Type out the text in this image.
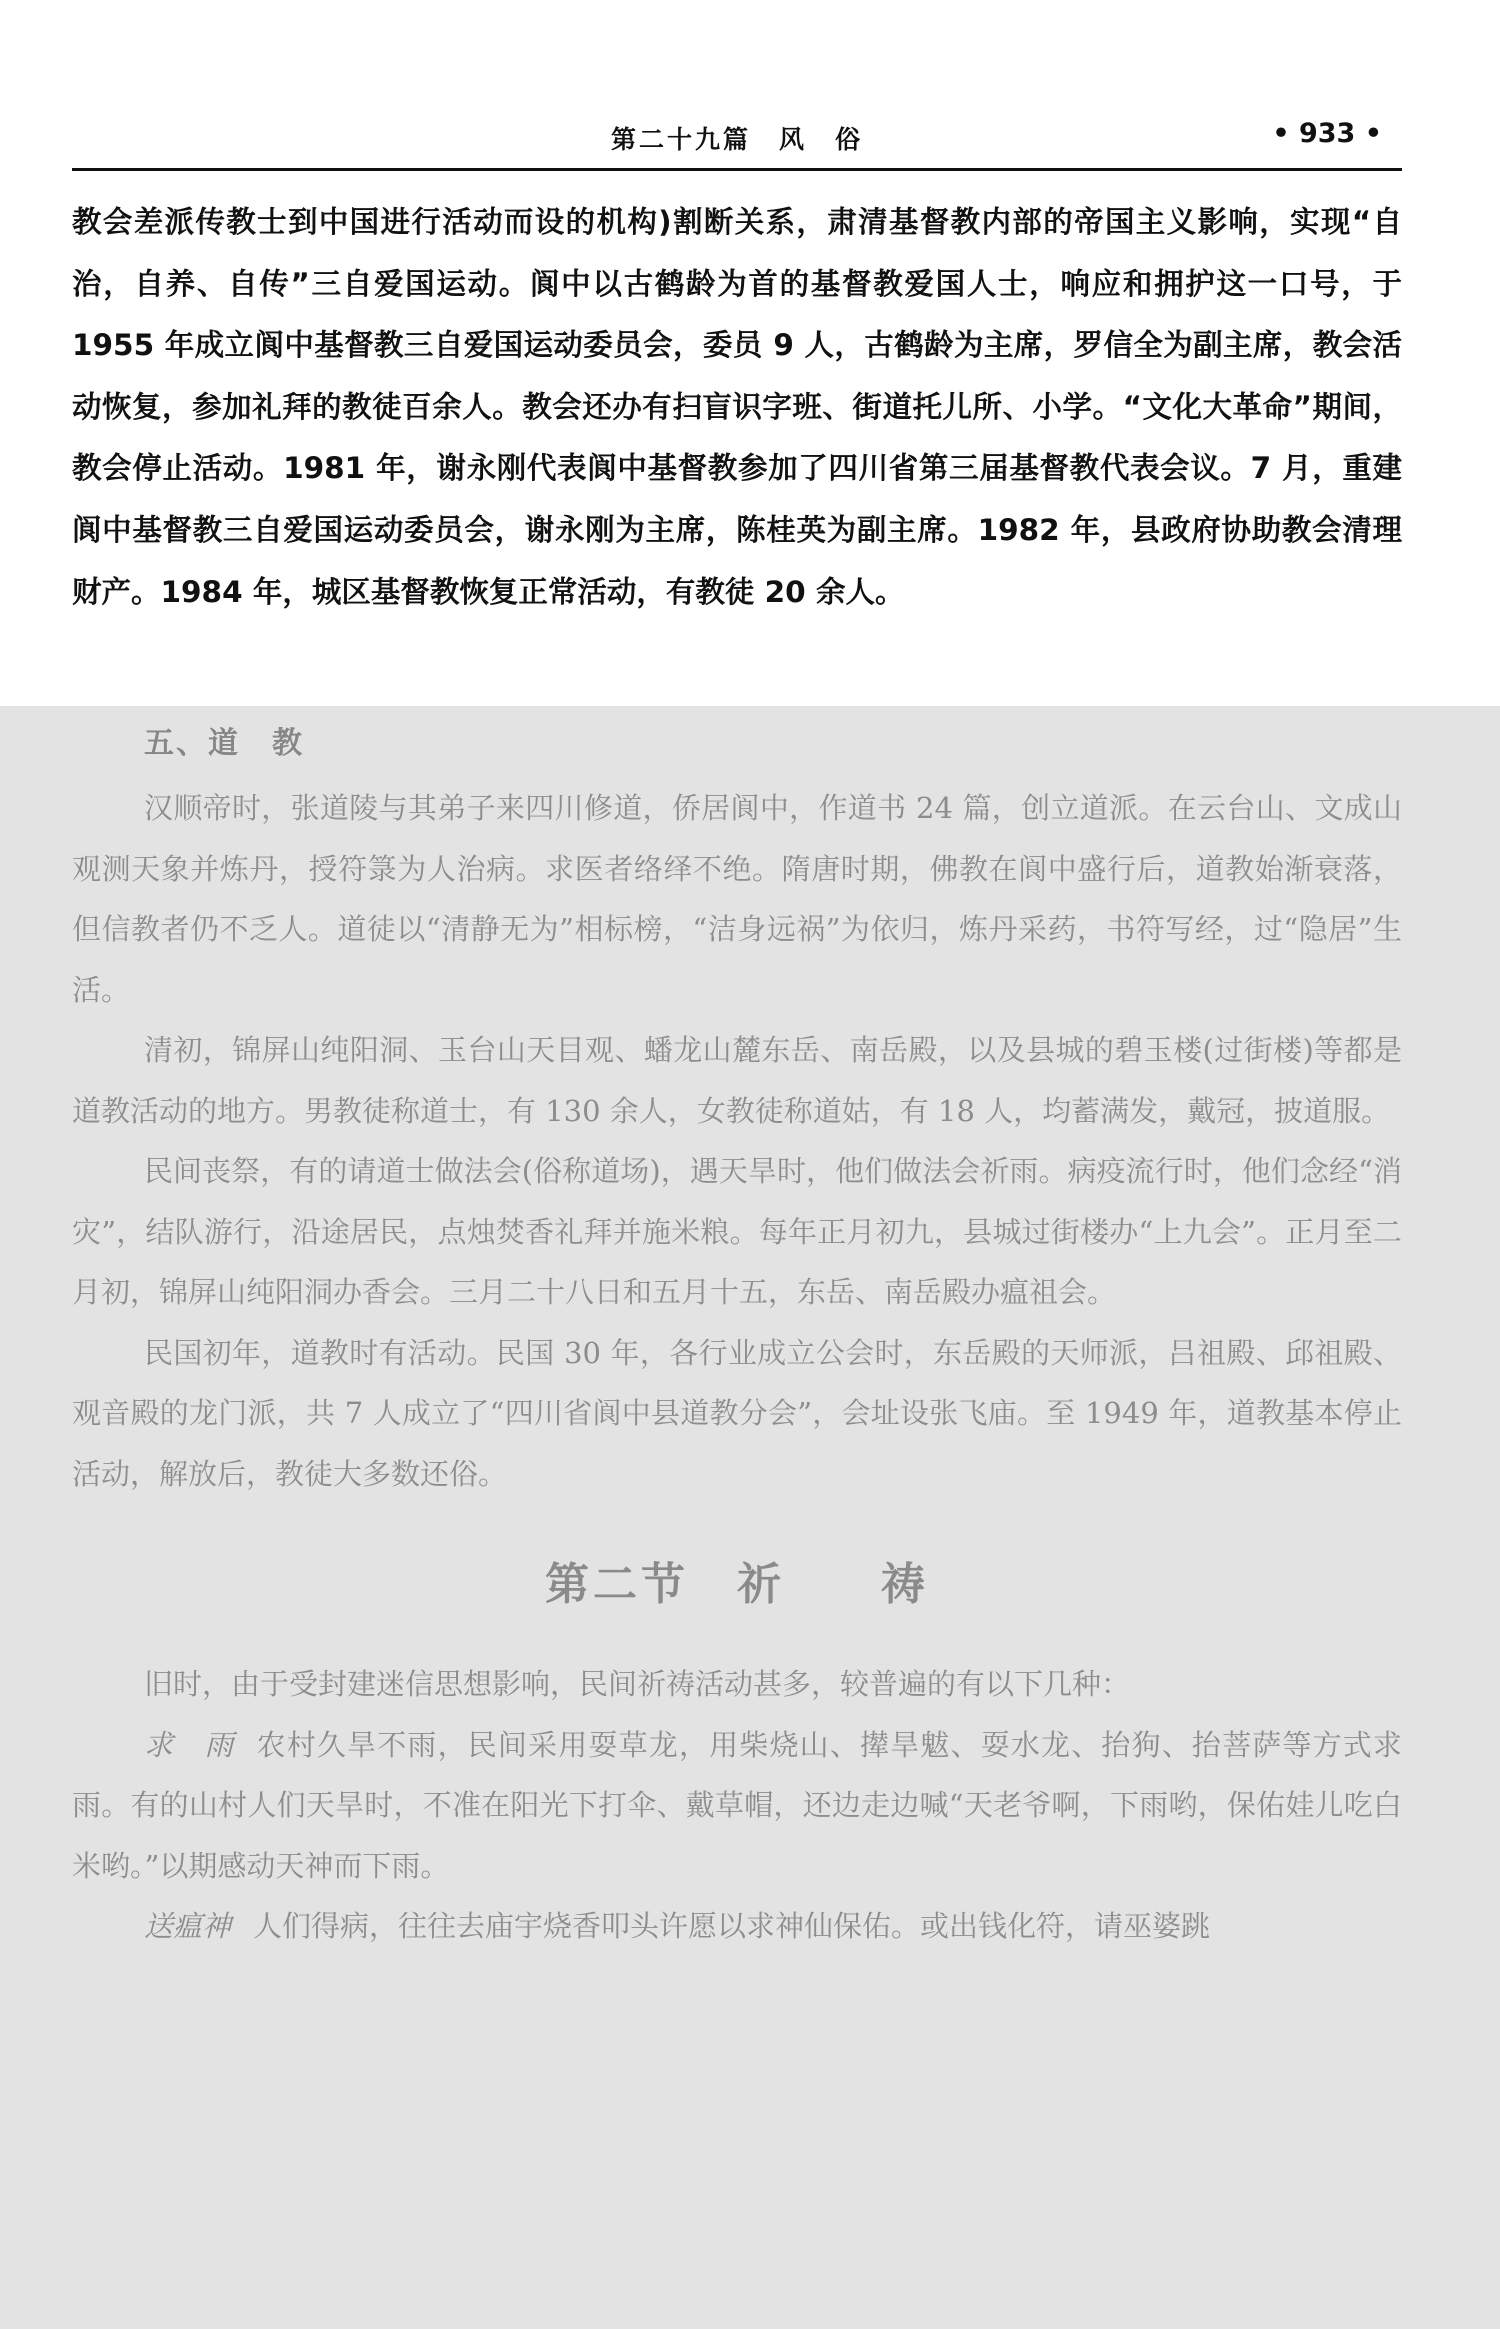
第二十九篇　风　俗	• 933 •
教会差派传教士到中国进行活动而设的机构)割断关系，肃清基督教内部的帝国主义影响，实现“自治，自养、自传”三自爱国运动。阆中以古鹤龄为首的基督教爱国人士，响应和拥护这一口号，于 1955 年成立阆中基督教三自爱国运动委员会，委员 9 人，古鹤龄为主席，罗信全为副主席，教会活动恢复，参加礼拜的教徒百余人。教会还办有扫盲识字班、街道托儿所、小学。“文化大革命”期间，教会停止活动。1981 年，谢永刚代表阆中基督教参加了四川省第三届基督教代表会议。7 月，重建阆中基督教三自爱国运动委员会，谢永刚为主席，陈桂英为副主席。1982 年，县政府协助教会清理财产。1984 年，城区基督教恢复正常活动，有教徒 20 余人。
五、道　教

汉顺帝时，张道陵与其弟子来四川修道，侨居阆中，作道书 24 篇，创立道派。在云台山、文成山观测天象并炼丹，授符箓为人治病。求医者络绎不绝。隋唐时期，佛教在阆中盛行后，道教始渐衰落，但信教者仍不乏人。道徒以“清静无为”相标榜，“洁身远祸”为依归，炼丹采药，书符写经，过“隐居”生活。

清初，锦屏山纯阳洞、玉台山天目观、蟠龙山麓东岳、南岳殿，以及县城的碧玉楼(过街楼)等都是道教活动的地方。男教徒称道士，有 130 余人，女教徒称道姑，有 18 人，均蓄满发，戴冠，披道服。

民间丧祭，有的请道士做法会(俗称道场)，遇天旱时，他们做法会祈雨。病疫流行时，他们念经“消灾”，结队游行，沿途居民，点烛焚香礼拜并施米粮。每年正月初九，县城过街楼办“上九会”。正月至二月初，锦屏山纯阳洞办香会。三月二十八日和五月十五，东岳、南岳殿办瘟祖会。

民国初年，道教时有活动。民国 30 年，各行业成立公会时，东岳殿的天师派，吕祖殿、邱祖殿、观音殿的龙门派，共 7 人成立了“四川省阆中县道教分会”，会址设张飞庙。至 1949 年，道教基本停止活动，解放后，教徒大多数还俗。

第二节　祈　　祷

旧时，由于受封建迷信思想影响，民间祈祷活动甚多，较普遍的有以下几种：

求　雨 农村久旱不雨，民间采用耍草龙，用柴烧山、撵旱魃、耍水龙、抬狗、抬菩萨等方式求雨。有的山村人们天旱时，不准在阳光下打伞、戴草帽，还边走边喊“天老爷啊，下雨哟，保佑娃儿吃白米哟。”以期感动天神而下雨。

送瘟神 人们得病，往往去庙宇烧香叩头许愿以求神仙保佑。或出钱化符，请巫婆跳
